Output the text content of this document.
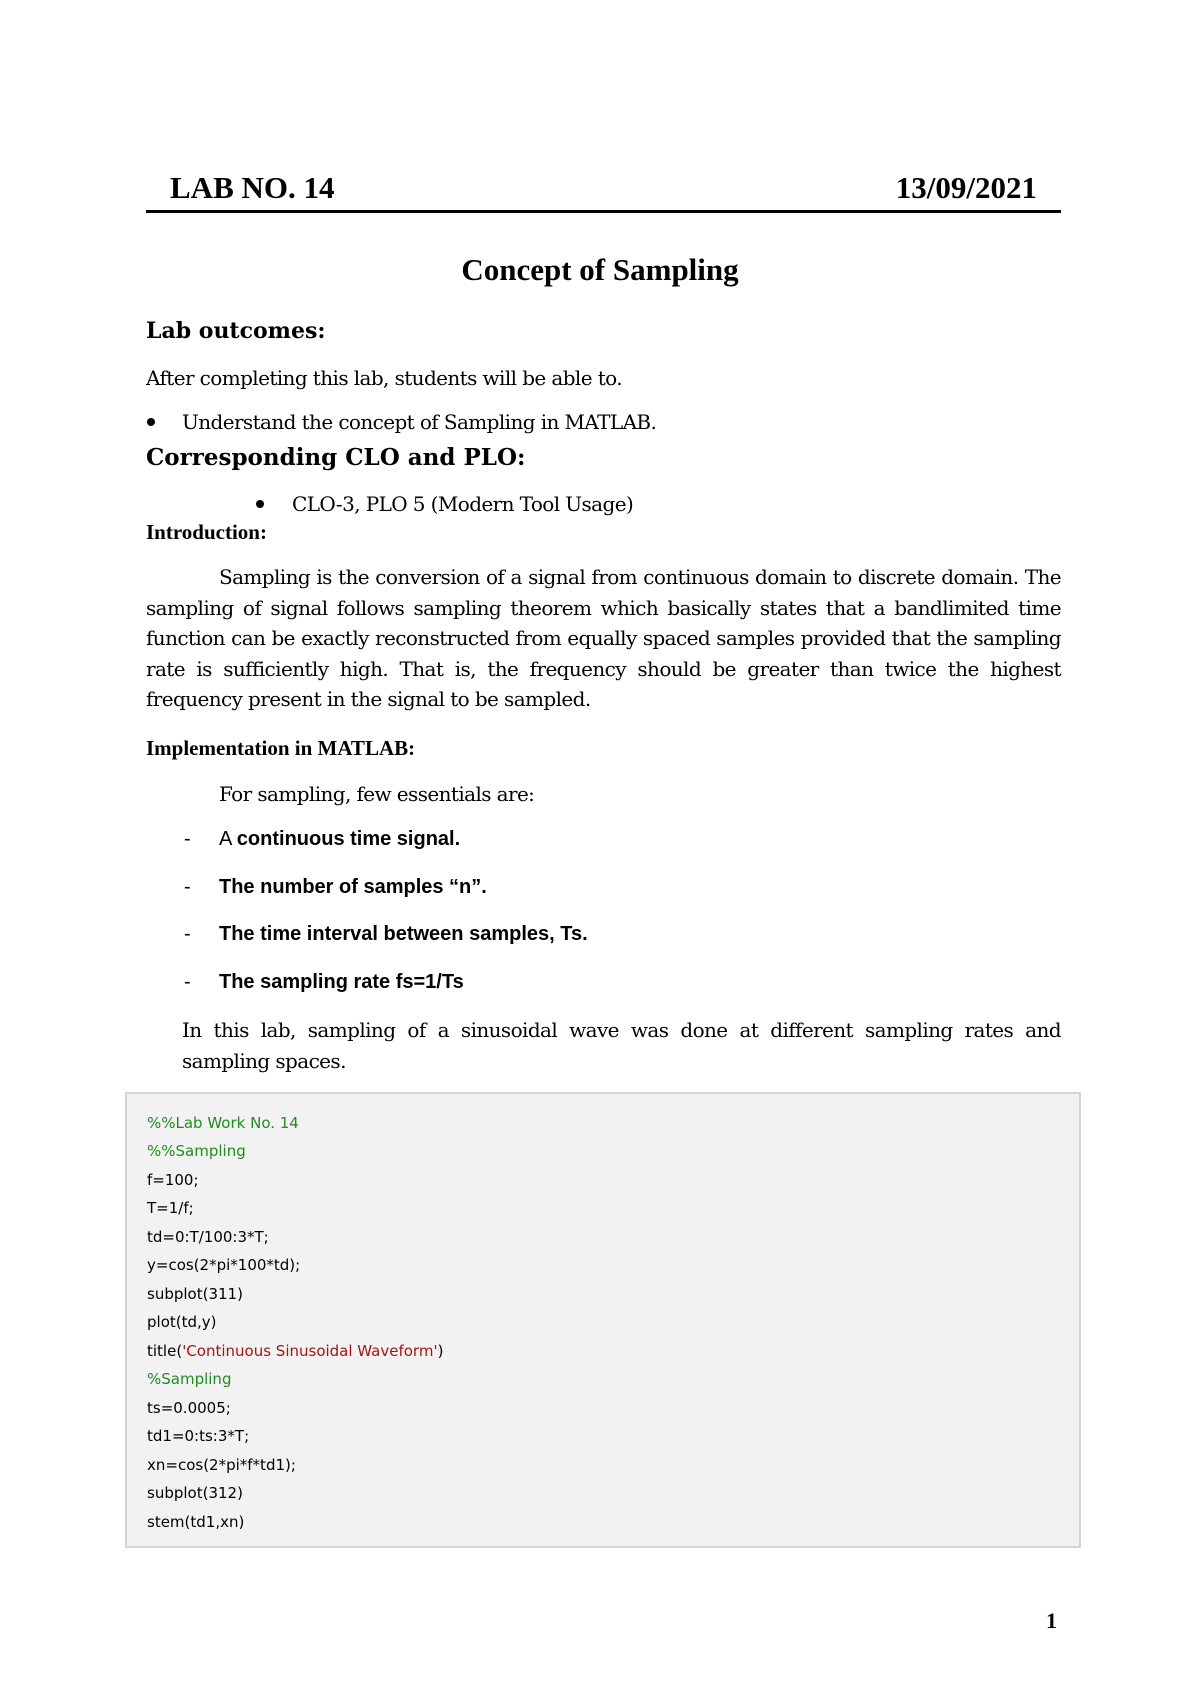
LAB NO. 14	13/09/2021
Concept of Sampling
Lab outcomes:
After completing this lab, students will be able to.
Understand the concept of Sampling in MATLAB.
Corresponding CLO and PLO:
CLO-3, PLO 5 (Modern Tool Usage)
Introduction:
Sampling is the conversion of a signal from continuous domain to discrete domain. The sampling of signal follows sampling theorem which basically states that a bandlimited time function can be exactly reconstructed from equally spaced samples provided that the sampling rate is sufficiently high. That is, the frequency should be greater than twice the highest frequency present in the signal to be sampled.
Implementation in MATLAB:
For sampling, few essentials are:
- A continuous time signal.
- The number of samples “n”.
- The time interval between samples, Ts.
- The sampling rate fs=1/Ts
In this lab, sampling of a sinusoidal wave was done at different sampling rates and sampling spaces.
%%Lab Work No. 14
%%Sampling
f=100;
T=1/f;
td=0:T/100:3*T;
y=cos(2*pi*100*td);
subplot(311)
plot(td,y)
title('Continuous Sinusoidal Waveform')
%Sampling
ts=0.0005;
td1=0:ts:3*T;
xn=cos(2*pi*f*td1);
subplot(312)
stem(td1,xn)
1
